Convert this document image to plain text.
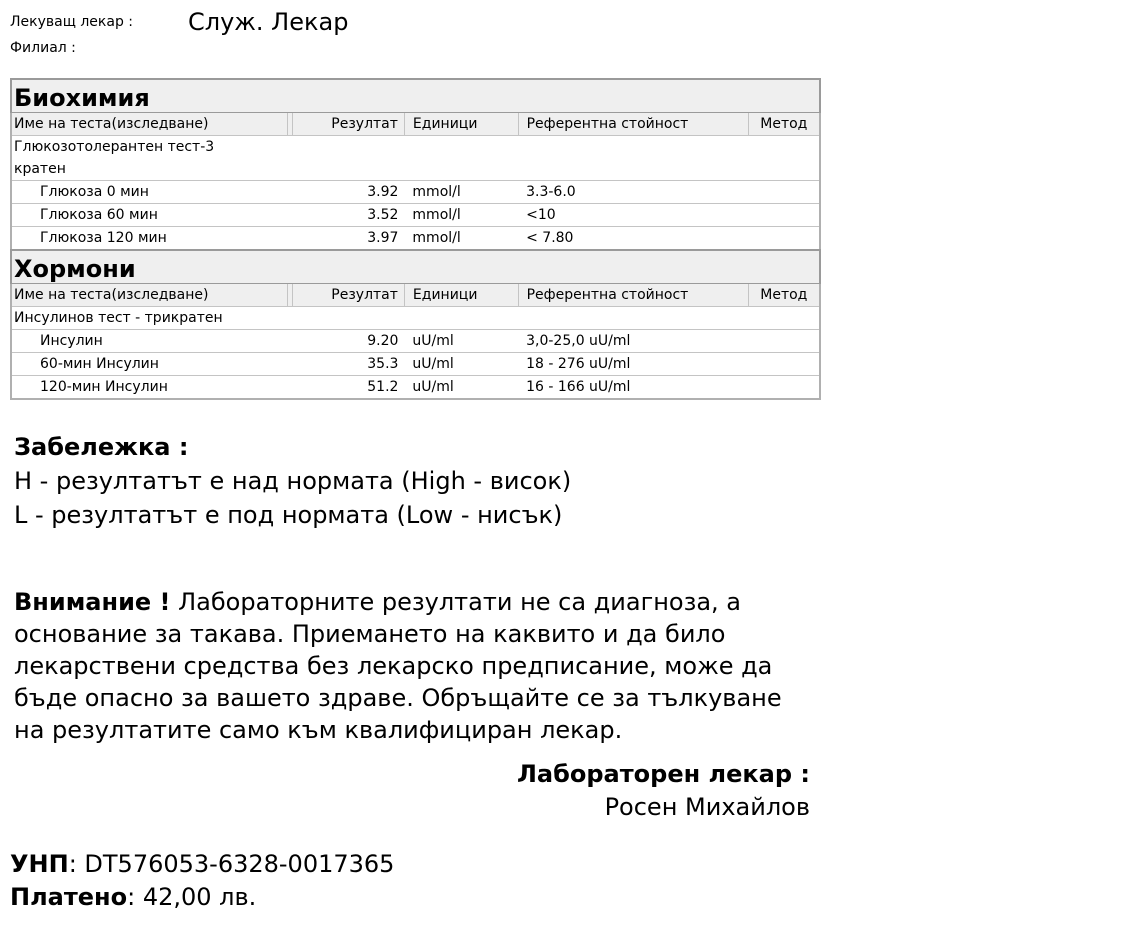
Лекуващ лекар : Служ. Лекар
Филиал :
Биохимия					
Име на теста(изследване)		Резултат	Единици	Референтна стойност	Метод
Глюкозотолерантен тест-3 кратен					
Глюкоза 0 мин		3.92	mmol/l	3.3-6.0	
Глюкоза 60 мин		3.52	mmol/l	<10	
Глюкоза 120 мин		3.97	mmol/l	< 7.80	
Хормони					
Име на теста(изследване)		Резултат	Единици	Референтна стойност	Метод
Инсулинов тест - трикратен					
Инсулин		9.20	uU/ml	3,0-25,0 uU/ml	
60-мин Инсулин		35.3	uU/ml	18 - 276 uU/ml	
120-мин Инсулин		51.2	uU/ml	16 - 166 uU/ml	
Забележка :
H - резултатът е над нормата (High - висок)
L - резултатът е под нормата (Low - нисък)
Внимание ! Лабораторните резултати не са диагноза, а основание за такава. Приемането на каквито и да било лекарствени средства без лекарско предписание, може да бъде опасно за вашето здраве. Обръщайте се за тълкуване на резултатите само към квалифициран лекар.
Лабораторен лекар :
Росен Михайлов
УНП: DT576053-6328-0017365
Платено: 42,00 лв.
